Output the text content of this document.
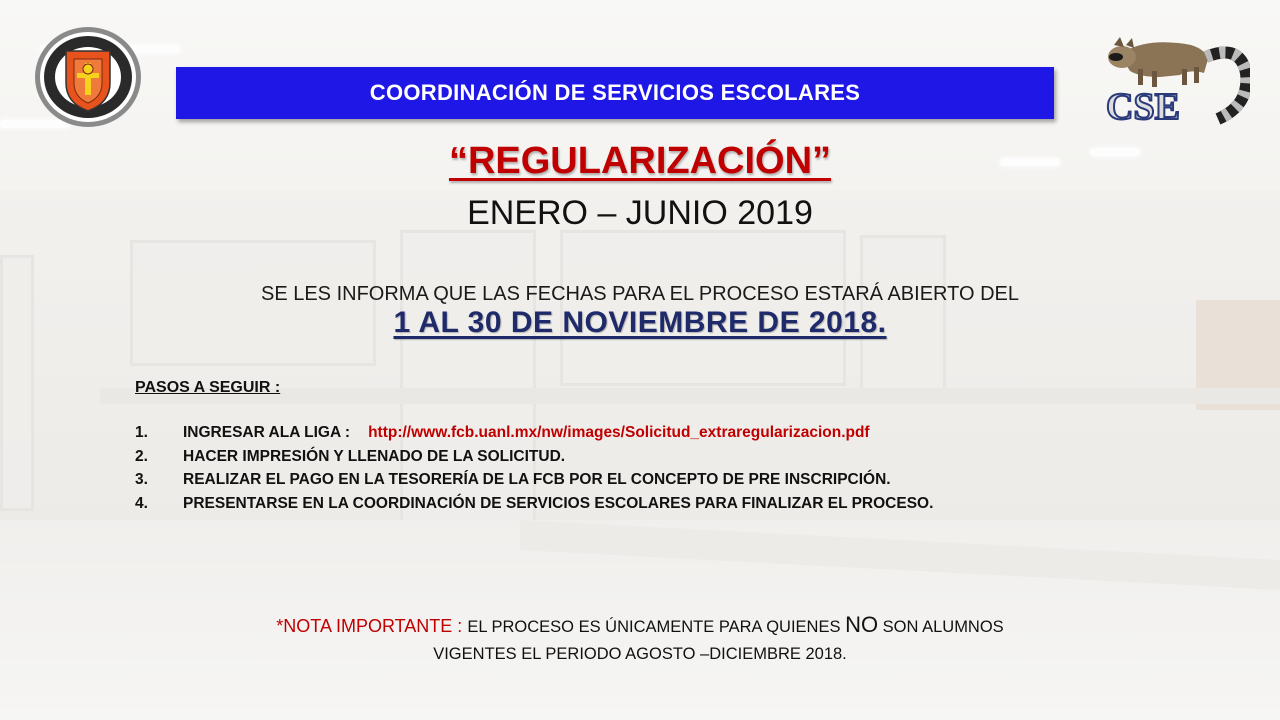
COORDINACIÓN DE SERVICIOS ESCOLARES	CSE
“REGULARIZACIÓN”
ENERO – JUNIO 2019
SE LES INFORMA QUE LAS FECHAS PARA EL PROCESO ESTARÁ ABIERTO DEL
1 AL 30 DE NOVIEMBRE DE 2018.
PASOS A SEGUIR :
1.	INGRESAR ALA LIGA : http://www.fcb.uanl.mx/nw/images/Solicitud_extraregularizacion.pdf
2.	HACER IMPRESIÓN Y LLENADO DE LA SOLICITUD.
3.	REALIZAR EL PAGO EN LA TESORERÍA DE LA FCB POR EL CONCEPTO DE PRE INSCRIPCIÓN.
4.	PRESENTARSE EN LA COORDINACIÓN DE SERVICIOS ESCOLARES PARA FINALIZAR EL PROCESO.
*NOTA IMPORTANTE : EL PROCESO ES ÚNICAMENTE PARA QUIENES NO SON ALUMNOS
VIGENTES EL PERIODO AGOSTO –DICIEMBRE 2018.
